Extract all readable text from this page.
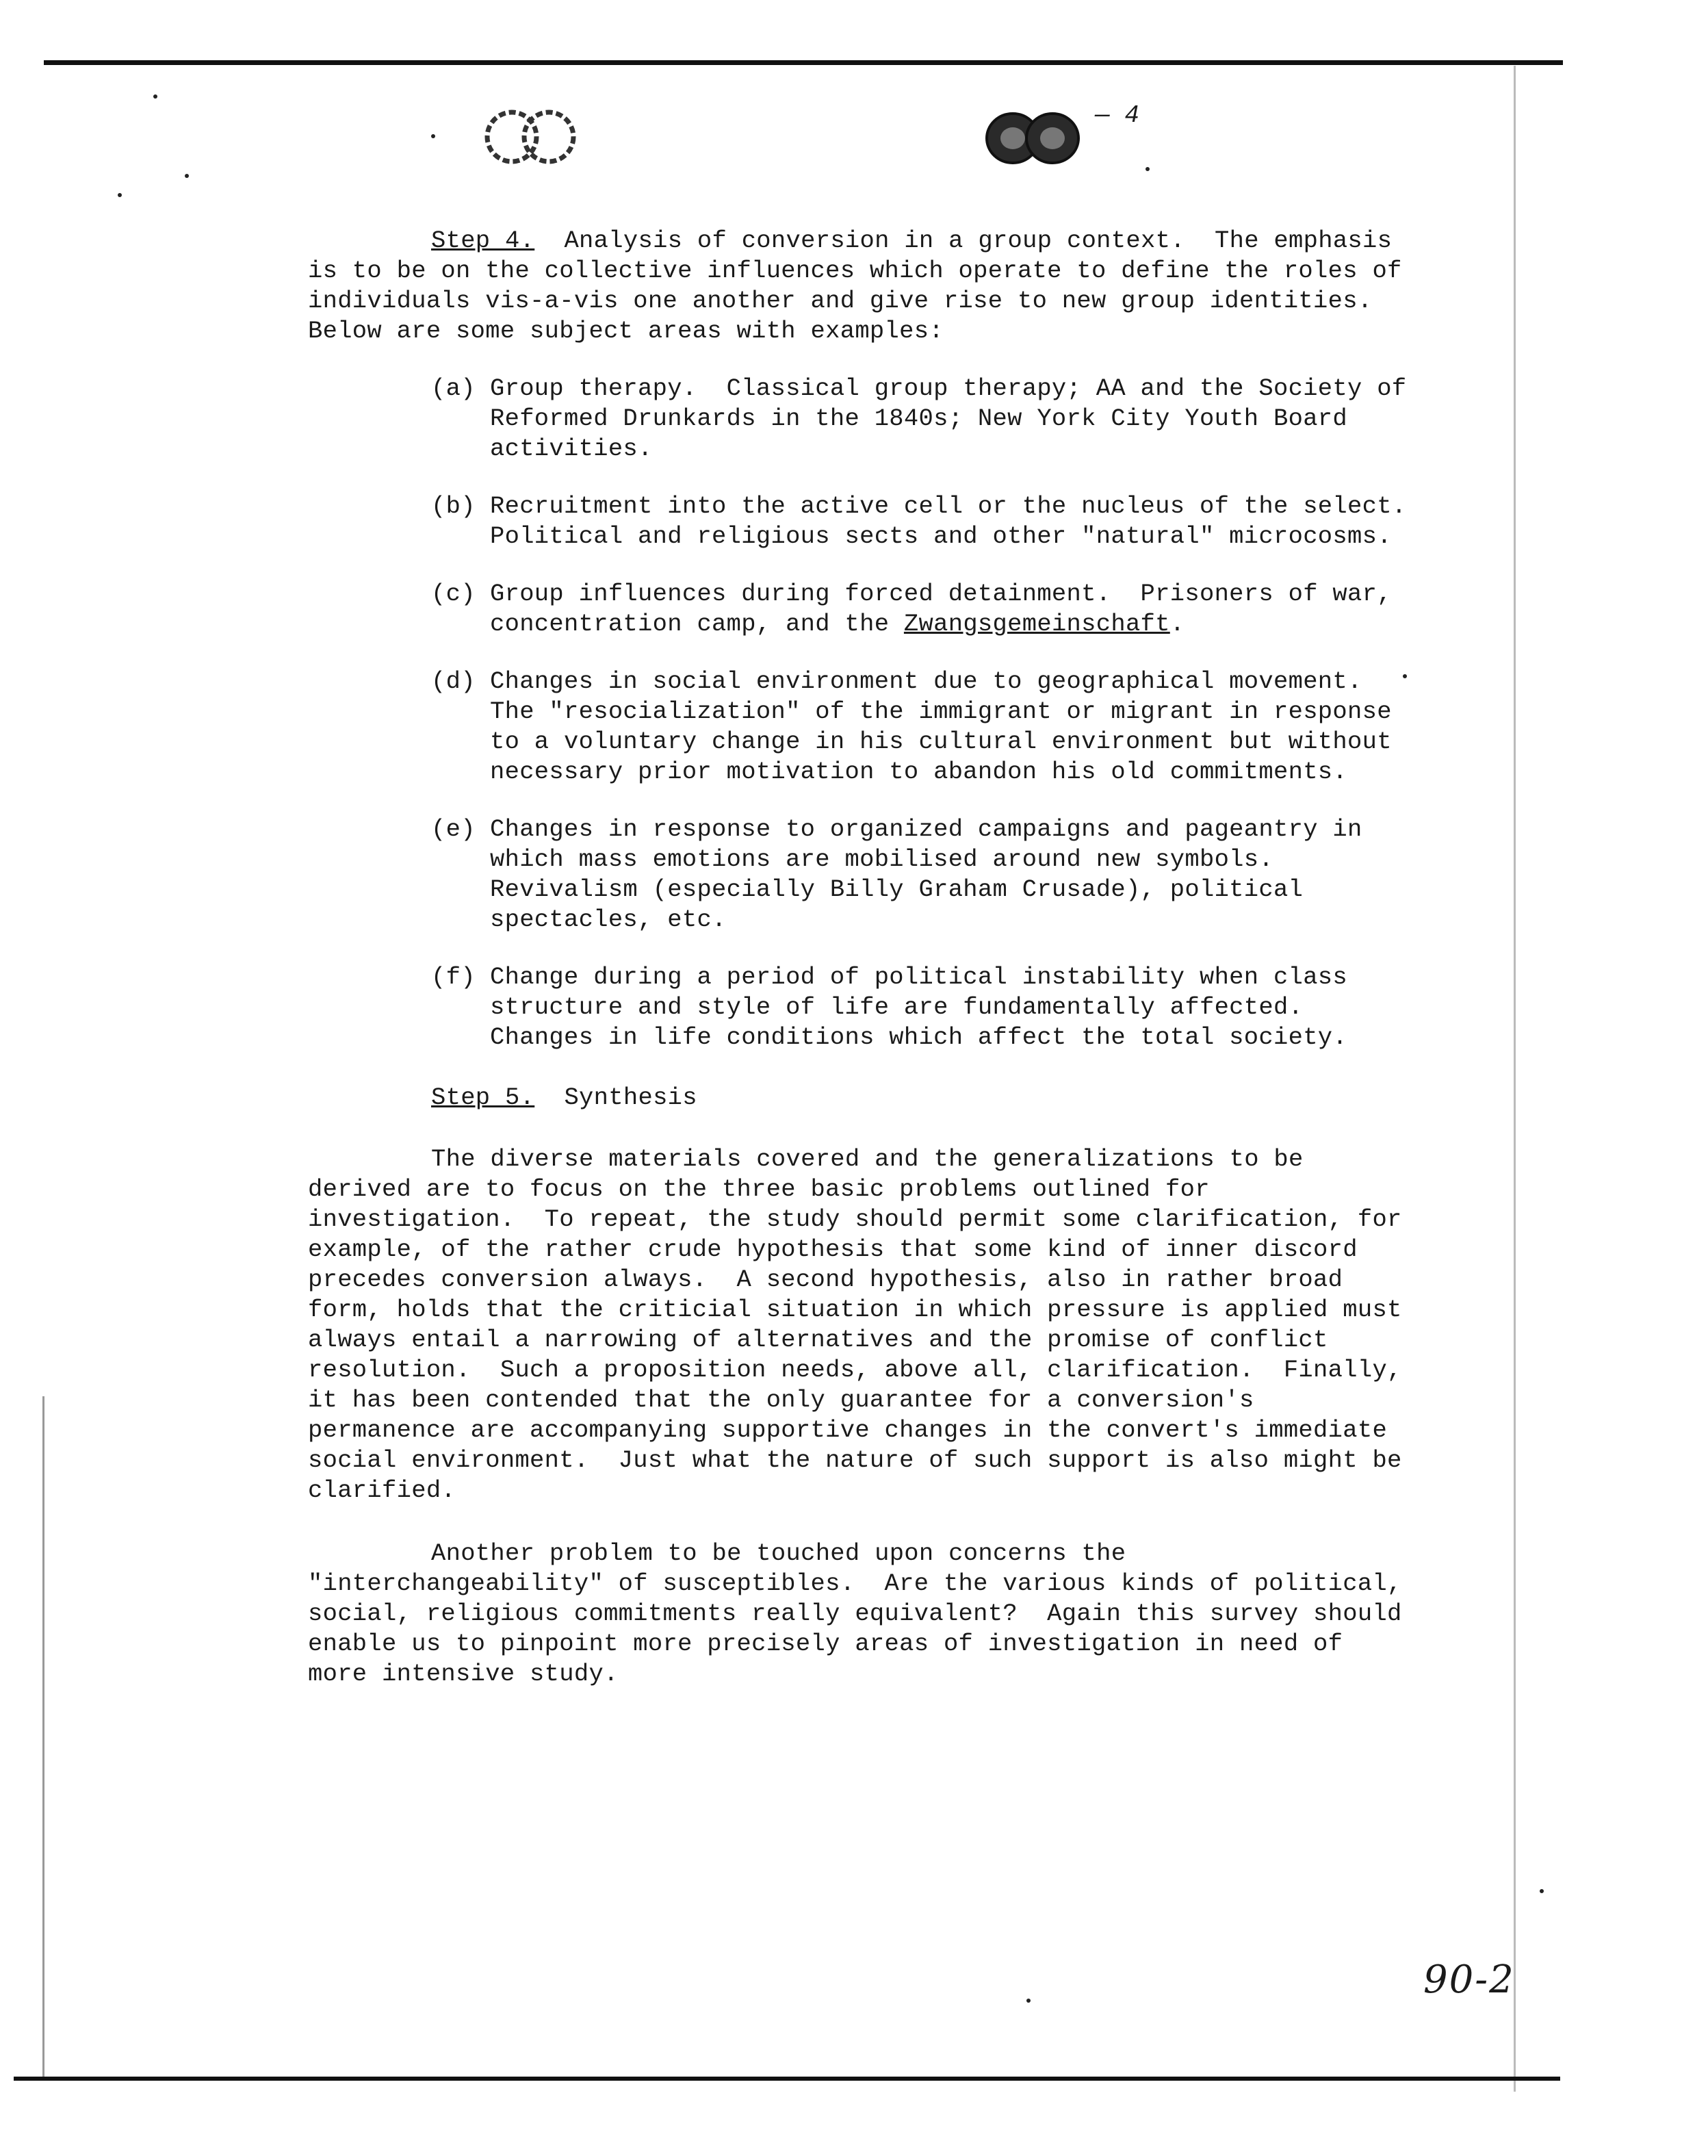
— 4

Step 4. Analysis of conversion in a group context.  The emphasis is to be on the collective influences which operate to define the roles of individuals vis-a-vis one another and give rise to new group identities.  Below are some subject areas with examples:

(a) Group therapy.  Classical group therapy; AA and the Society of Reformed Drunkards in the 1840s; New York City Youth Board activities.
(b) Recruitment into the active cell or the nucleus of the select.  Political and religious sects and other "natural" microcosms.
(c) Group influences during forced detainment.  Prisoners of war, concentration camp, and the Zwangsgemeinschaft.
(d) Changes in social environment due to geographical movement.  The "resocialization" of the immigrant or migrant in response to a voluntary change in his cultural environment but without necessary prior motivation to abandon his old commitments.
(e) Changes in response to organized campaigns and pageantry in which mass emotions are mobilised around new symbols. Revivalism (especially Billy Graham Crusade), political spectacles, etc.
(f) Change during a period of political instability when class structure and style of life are fundamentally affected.   Changes in life conditions which affect the total society.

Step 5. Synthesis

The diverse materials covered and the generalizations to be derived are to focus on the three basic problems outlined for investigation.  To repeat, the study should permit some clarification, for example, of the rather crude hypothesis that some kind of inner discord precedes conversion always.  A second hypothesis, also in rather broad form, holds that the criticial situation in which pressure is applied must always entail a narrowing of alternatives and the promise of conflict resolution.  Such a proposition needs, above all, clarification.  Finally, it has been contended that the only guarantee for a conversion's permanence are accompanying supportive changes in the convert's immediate social environment.  Just what the nature of such support is also might be clarified.

Another problem to be touched upon concerns the "interchangeability" of susceptibles.  Are the various kinds of political, social, religious commitments really equivalent?  Again this survey should enable us to pinpoint more precisely areas of investigation in need of more intensive study.

90-2
